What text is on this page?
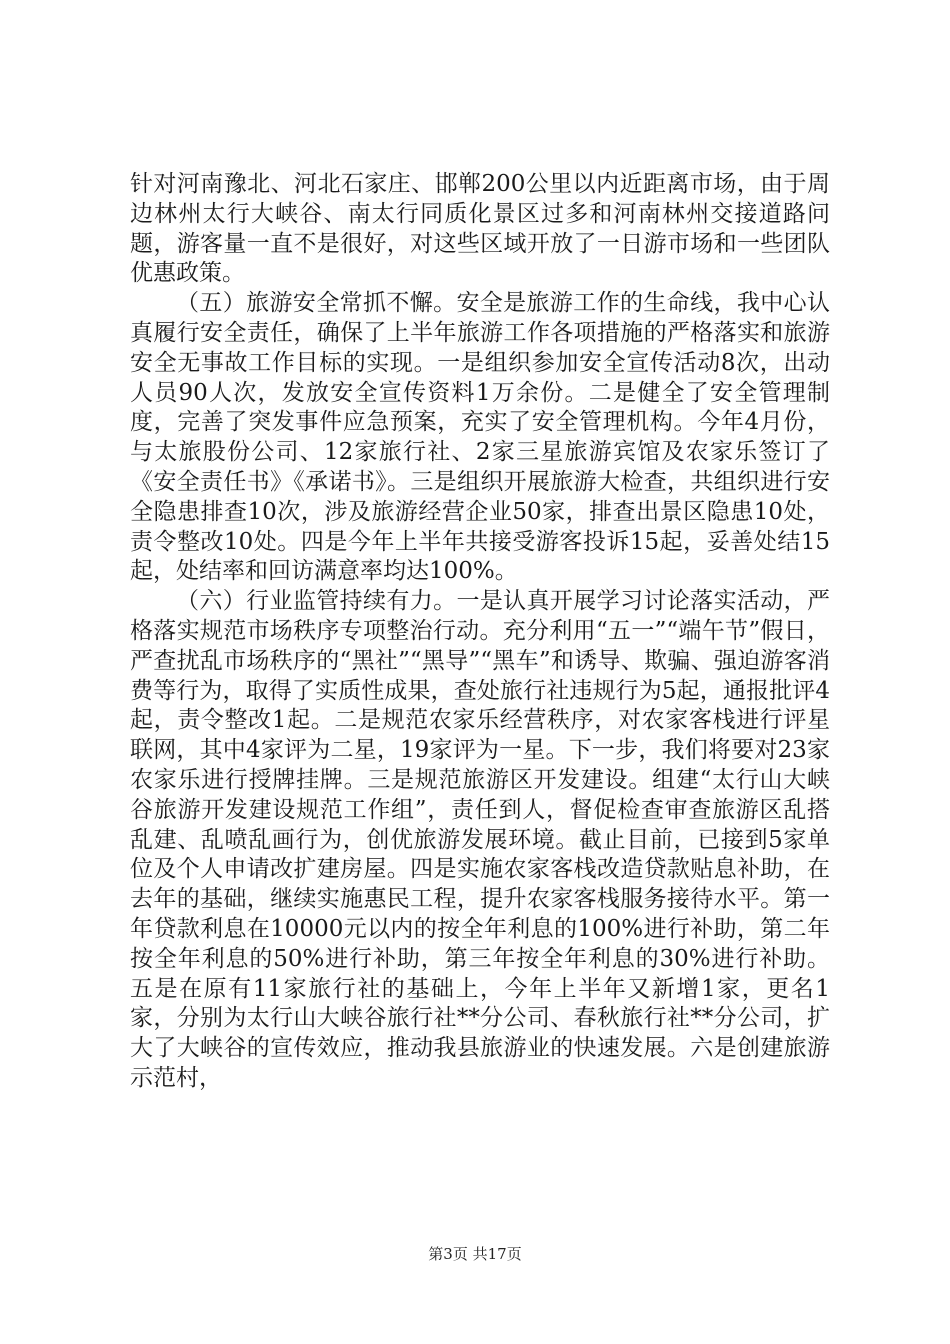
针对河南豫北、河北石家庄、邯郸200公里以内近距离市场，由于周边林州太行大峡谷、南太行同质化景区过多和河南林州交接道路问题，游客量一直不是很好，对这些区域开放了一日游市场和一些团队优惠政策。

（五）旅游安全常抓不懈。安全是旅游工作的生命线，我中心认真履行安全责任，确保了上半年旅游工作各项措施的严格落实和旅游安全无事故工作目标的实现。一是组织参加安全宣传活动8次，出动人员90人次，发放安全宣传资料1万余份。二是健全了安全管理制度，完善了突发事件应急预案，充实了安全管理机构。今年4月份，与太旅股份公司、12家旅行社、2家三星旅游宾馆及农家乐签订了《安全责任书》《承诺书》。三是组织开展旅游大检查，共组织进行安全隐患排查10次，涉及旅游经营企业50家，排查出景区隐患10处，责令整改10处。四是今年上半年共接受游客投诉15起，妥善处结15起，处结率和回访满意率均达100%。

（六）行业监管持续有力。一是认真开展学习讨论落实活动，严格落实规范市场秩序专项整治行动。充分利用“五一”“端午节”假日，严查扰乱市场秩序的“黑社”“黑导”“黑车”和诱导、欺骗、强迫游客消费等行为，取得了实质性成果，查处旅行社违规行为5起，通报批评4起，责令整改1起。二是规范农家乐经营秩序，对农家客栈进行评星联网，其中4家评为二星，19家评为一星。下一步，我们将要对23家农家乐进行授牌挂牌。三是规范旅游区开发建设。组建“太行山大峡谷旅游开发建设规范工作组”，责任到人，督促检查审查旅游区乱搭乱建、乱喷乱画行为，创优旅游发展环境。截止目前，已接到5家单位及个人申请改扩建房屋。四是实施农家客栈改造贷款贴息补助，在去年的基础，继续实施惠民工程，提升农家客栈服务接待水平。第一年贷款利息在10000元以内的按全年利息的100%进行补助，第二年按全年利息的50%进行补助，第三年按全年利息的30%进行补助。五是在原有11家旅行社的基础上，今年上半年又新增1家，更名1家，分别为太行山大峡谷旅行社**分公司、春秋旅行社**分公司，扩大了大峡谷的宣传效应，推动我县旅游业的快速发展。六是创建旅游示范村，

第3页 共17页
